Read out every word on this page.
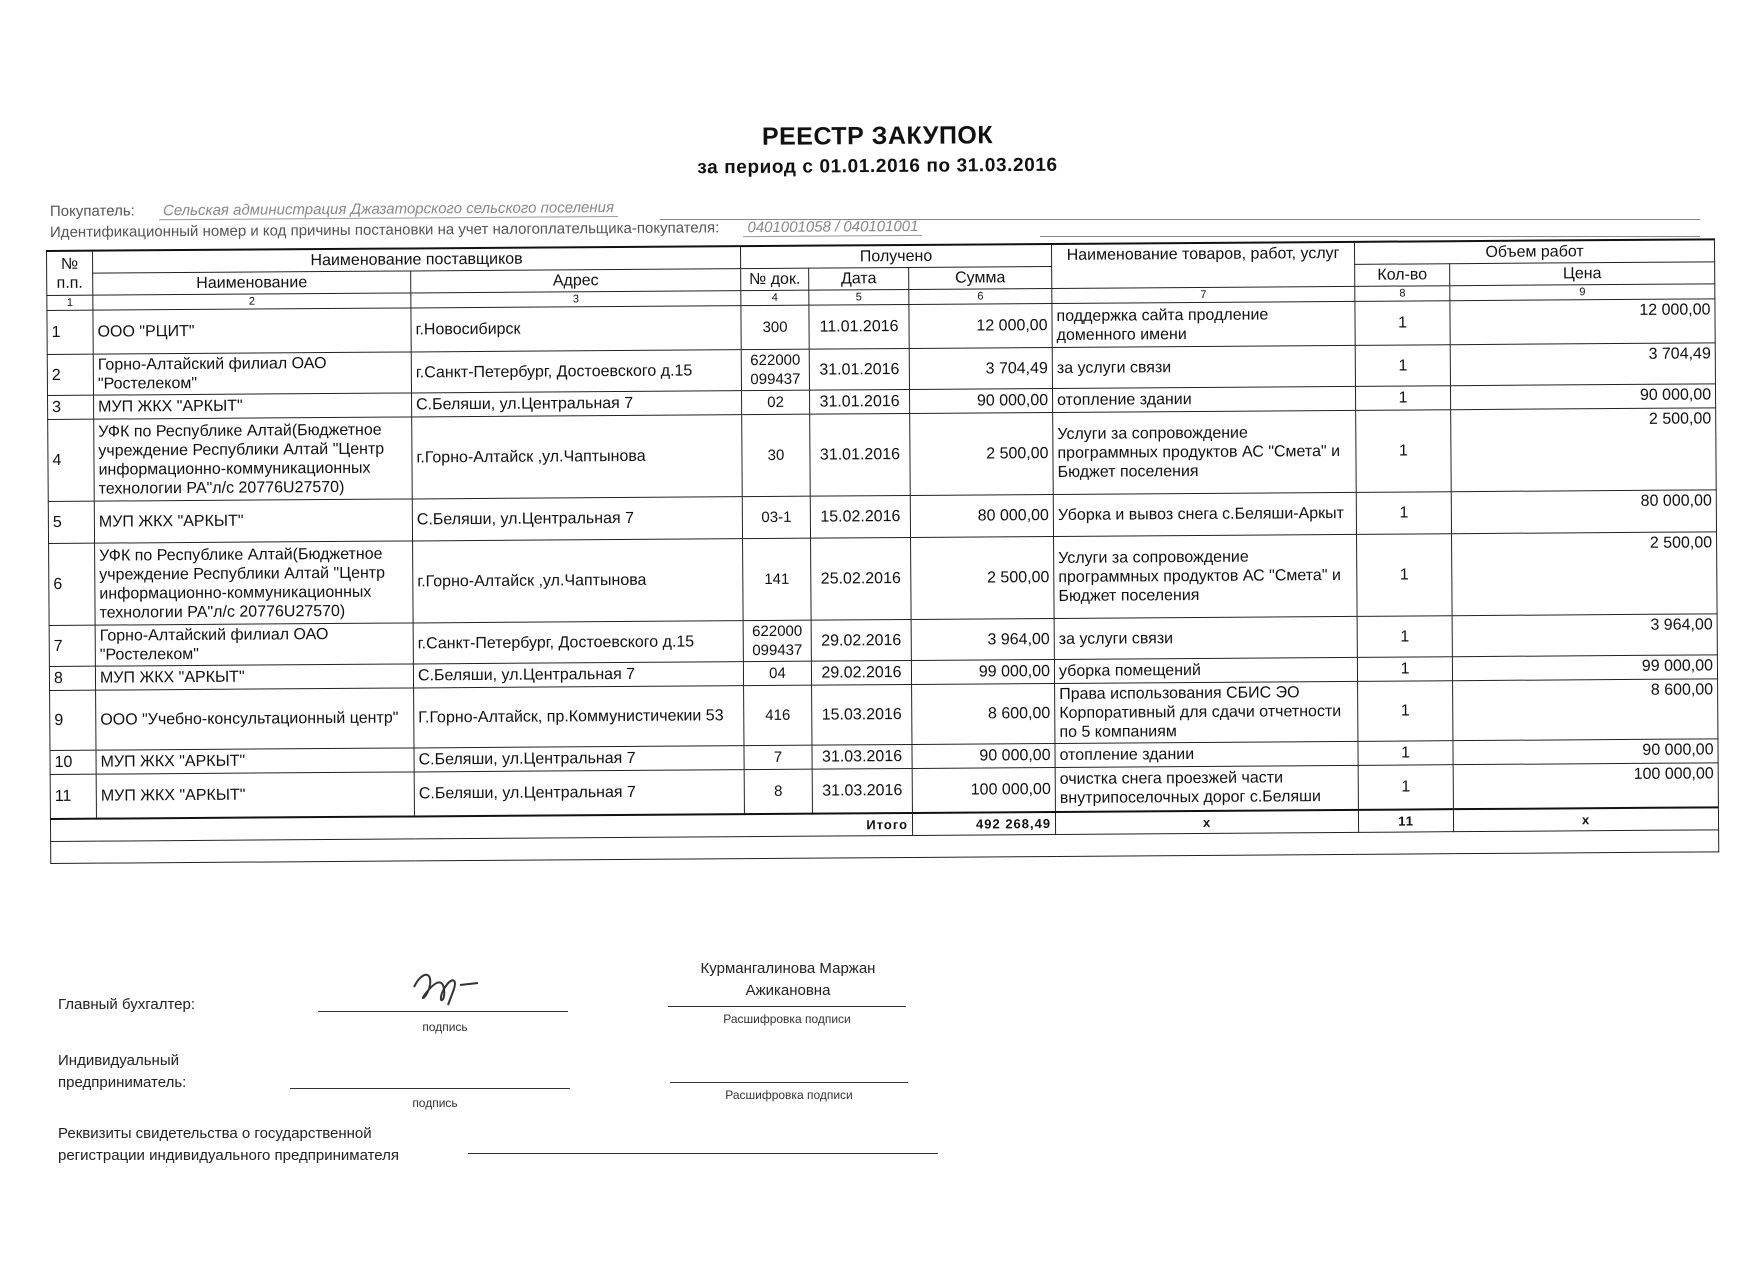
РЕЕСТР ЗАКУПОК
за период с 01.01.2016 по 31.03.2016
Покупатель: Сельская администрация Джазаторского сельского поселения
Идентификационный номер и код причины постановки на учет налогоплательщика-покупателя: 0401001058 / 040101001
№ п.п.	Наименование поставщиков		Получено			Наименование товаров, работ, услуг	Объем работ	
	Наименование	Адрес	№ док.	Дата	Сумма		Кол-во	Цена
1	2	3	4	5	6	7	8	9
1	ООО "РЦИТ"	г.Новосибирск	300	11.01.2016	12 000,00	поддержка сайта продление доменного имени	1	12 000,00
2	Горно-Алтайский филиал ОАО "Ростелеком"	г.Санкт-Петербург, Достоевского д.15	622000 099437	31.01.2016	3 704,49	за услуги связи	1	3 704,49
3	МУП ЖКХ "АРКЫТ"	С.Беляши, ул.Центральная 7	02	31.01.2016	90 000,00	отопление здании	1	90 000,00
4	УФК по Республике Алтай(Бюджетное учреждение Республики Алтай "Центр информационно-коммуникационных технологии РА"л/с 20776U27570)	г.Горно-Алтайск ,ул.Чаптынова	30	31.01.2016	2 500,00	Услуги за сопровождение программных продуктов АС "Смета" и Бюджет поселения	1	2 500,00
5	МУП ЖКХ "АРКЫТ"	С.Беляши, ул.Центральная 7	03-1	15.02.2016	80 000,00	Уборка и вывоз снега с.Беляши-Аркыт	1	80 000,00
6	УФК по Республике Алтай(Бюджетное учреждение Республики Алтай "Центр информационно-коммуникационных технологии РА"л/с 20776U27570)	г.Горно-Алтайск ,ул.Чаптынова	141	25.02.2016	2 500,00	Услуги за сопровождение программных продуктов АС "Смета" и Бюджет поселения	1	2 500,00
7	Горно-Алтайский филиал ОАО "Ростелеком"	г.Санкт-Петербург, Достоевского д.15	622000 099437	29.02.2016	3 964,00	за услуги связи	1	3 964,00
8	МУП ЖКХ "АРКЫТ"	С.Беляши, ул.Центральная 7	04	29.02.2016	99 000,00	уборка помещений	1	99 000,00
9	ООО "Учебно-консультационный центр"	Г.Горно-Алтайск, пр.Коммунистичекии 53	416	15.03.2016	8 600,00	Права использования СБИС ЭО Корпоративный для сдачи отчетности по 5 компаниям	1	8 600,00
10	МУП ЖКХ "АРКЫТ"	С.Беляши, ул.Центральная 7	7	31.03.2016	90 000,00	отопление здании	1	90 000,00
11	МУП ЖКХ "АРКЫТ"	С.Беляши, ул.Центральная 7	8	31.03.2016	100 000,00	очистка снега проезжей части внутрипоселочных дорог с.Беляши	1	100 000,00
Итого					492 268,49	x	11	x

Главный бухгалтер:
подпись
Курмангалинова Маржан Ажикановна
Расшифровка подписи
Индивидуальный предприниматель:
подпись
Расшифровка подписи
Реквизиты свидетельства о государственной регистрации индивидуального предпринимателя
